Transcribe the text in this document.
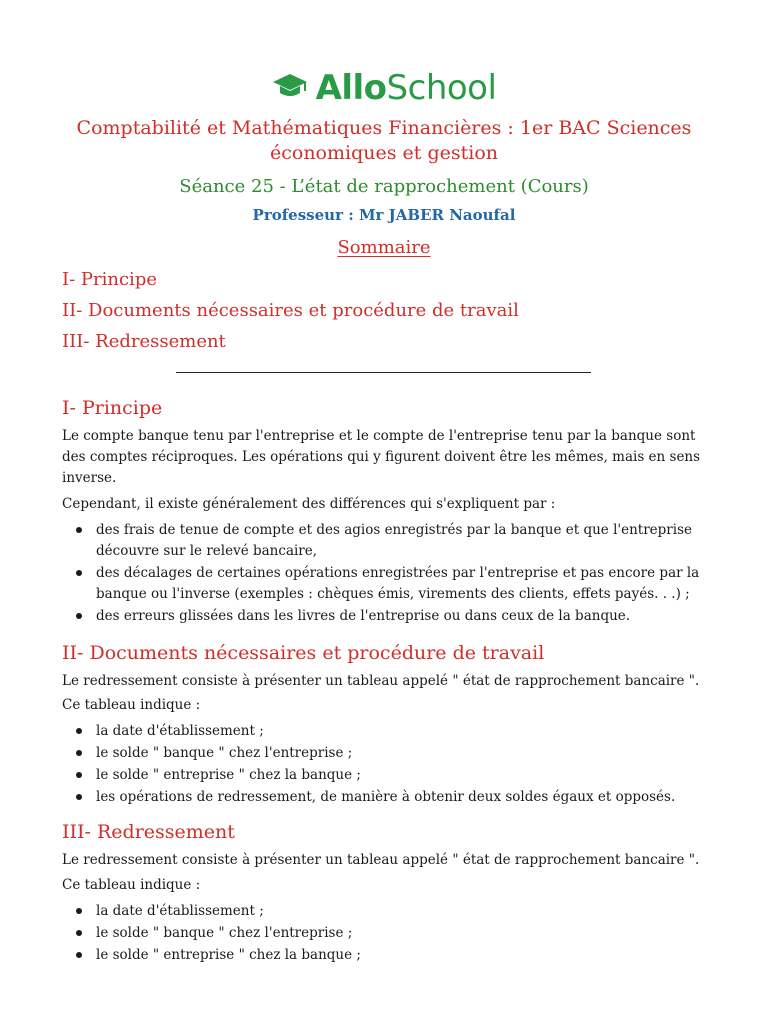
AlloSchool
Comptabilité et Mathématiques Financières : 1er BAC Sciences économiques et gestion
Séance 25 - L’état de rapprochement (Cours)
Professeur : Mr JABER Naoufal
Sommaire
I- Principe
II- Documents nécessaires et procédure de travail
III- Redressement
I- Principe
Le compte banque tenu par l'entreprise et le compte de l'entreprise tenu par la banque sont des comptes réciproques. Les opérations qui y figurent doivent être les mêmes, mais en sens inverse.
Cependant, il existe généralement des différences qui s'expliquent par :
des frais de tenue de compte et des agios enregistrés par la banque et que l'entreprise découvre sur le relevé bancaire,
des décalages de certaines opérations enregistrées par l'entreprise et pas encore par la banque ou l'inverse (exemples : chèques émis, virements des clients, effets payés. . .) ;
des erreurs glissées dans les livres de l'entreprise ou dans ceux de la banque.
II- Documents nécessaires et procédure de travail
Le redressement consiste à présenter un tableau appelé " état de rapprochement bancaire ".
Ce tableau indique :
la date d'établissement ;
le solde " banque " chez l'entreprise ;
le solde " entreprise " chez la banque ;
les opérations de redressement, de manière à obtenir deux soldes égaux et opposés.
III- Redressement
Le redressement consiste à présenter un tableau appelé " état de rapprochement bancaire ".
Ce tableau indique :
la date d'établissement ;
le solde " banque " chez l'entreprise ;
le solde " entreprise " chez la banque ;
